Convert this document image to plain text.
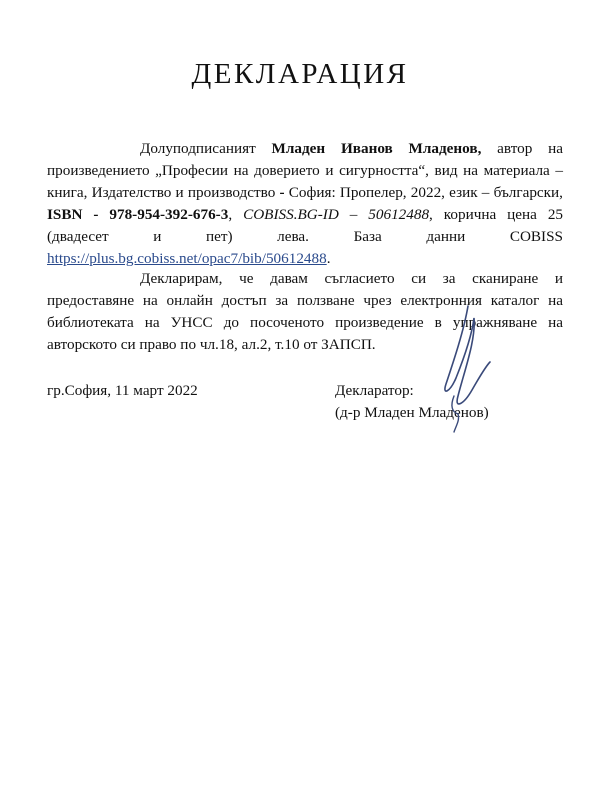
ДЕКЛАРАЦИЯ

Долуподписаният Младен Иванов Младенов, автор на произведението „Професии на доверието и сигурността“, вид на материала – книга, Издателство и производство - София: Пропелер, 2022, език – български, ISBN - 978-954-392-676-3, COBISS.BG-ID – 50612488, корична цена 25 (двадесет и пет) лева. База данни COBISS https://plus.bg.cobiss.net/opac7/bib/50612488.

Декларирам, че давам съгласието си за сканиране и предоставяне на онлайн достъп за ползване чрез електронния каталог на библиотеката на УНСС до посоченото произведение в упражняване на авторското си право по чл.18, ал.2, т.10 от ЗАПСП.

гр.София, 11 март 2022	Декларатор:
(д-р Младен Младенов)
